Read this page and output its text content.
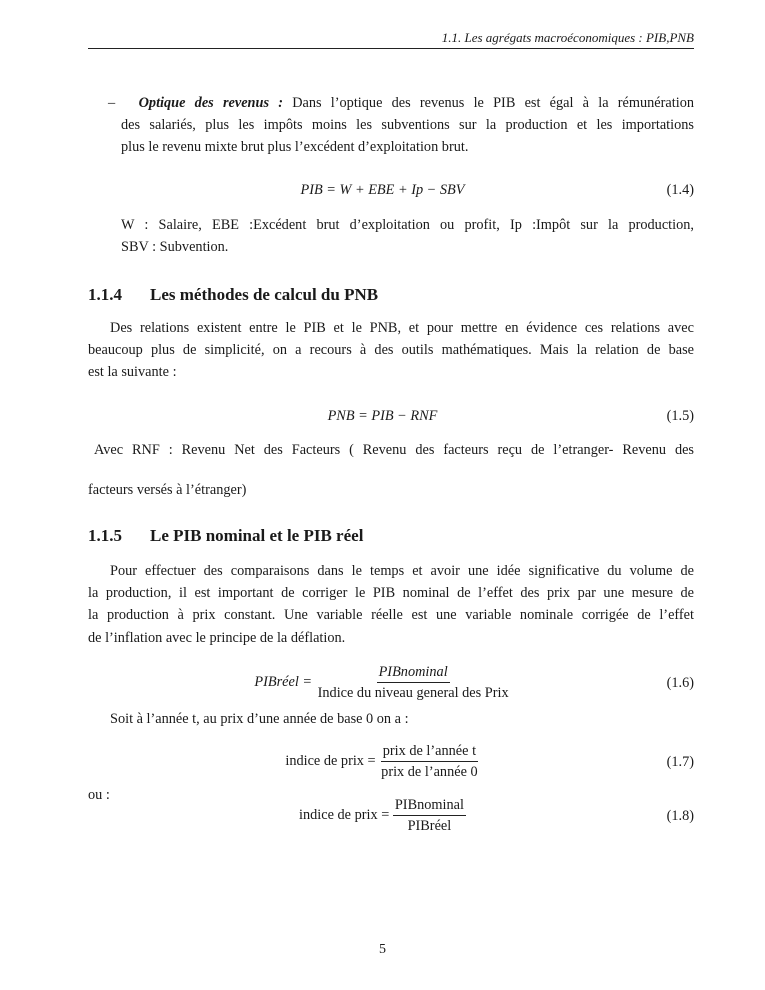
1.1. Les agrégats macroéconomiques : PIB,PNB
– Optique des revenus : Dans l’optique des revenus le PIB est égal à la rémunération
des salariés, plus les impôts moins les subventions sur la production et les importations
plus le revenu mixte brut plus l’excédent d’exploitation brut.
PIB = W + EBE + Ip − SBV	(1.4)
W : Salaire, EBE :Excédent brut d’exploitation ou profit, Ip :Impôt sur la production,
SBV : Subvention.
1.1.4 Les méthodes de calcul du PNB
Des relations existent entre le PIB et le PNB, et pour mettre en évidence ces relations avec
beaucoup plus de simplicité, on a recours à des outils mathématiques. Mais la relation de base
est la suivante :
PNB = PIB − RNF	(1.5)
Avec RNF : Revenu Net des Facteurs ( Revenu des facteurs reçu de l’etranger- Revenu des
facteurs versés à l’étranger)
1.1.5 Le PIB nominal et le PIB réel
Pour effectuer des comparaisons dans le temps et avoir une idée significative du volume de
la production, il est important de corriger le PIB nominal de l’effet des prix par une mesure de
la production à prix constant. Une variable réelle est une variable nominale corrigée de l’effet
de l’inflation avec le principe de la déflation.
PIBréel = $\frac{\text{PIBnominal}}{\text{Indice du niveau general des Prix}}$	(1.6)
Soit à l’année t, au prix d’une année de base 0 on a :
indice de prix = $\frac{\text{prix de l’année t}}{\text{prix de l’année 0}}$	(1.7)
ou :
indice de prix = $\frac{\text{PIBnominal}}{\text{PIBréel}}$	(1.8)
5
